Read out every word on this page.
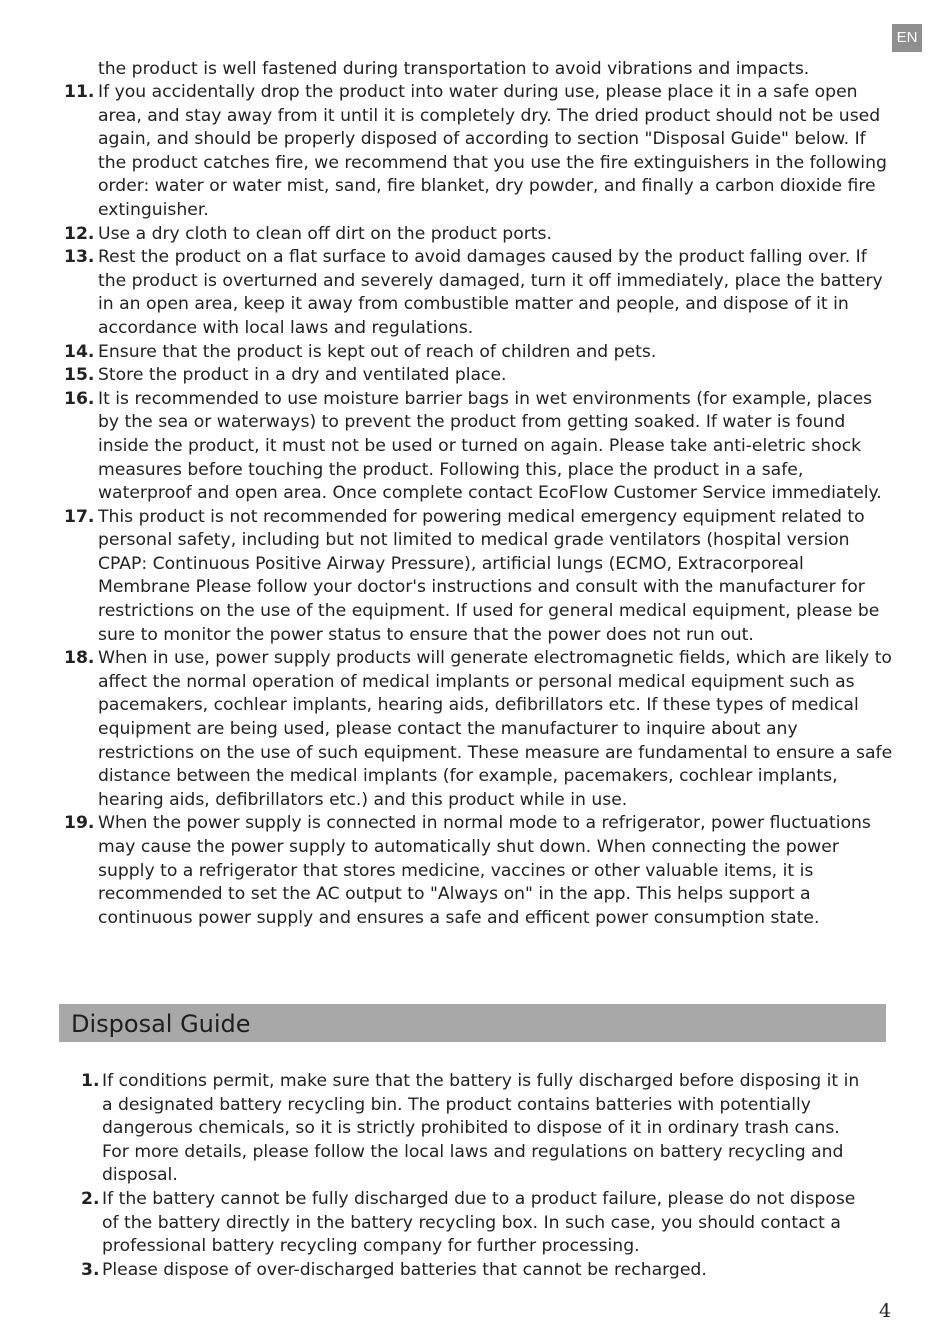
EN
the product is well fastened during transportation to avoid vibrations and impacts.
11. If you accidentally drop the product into water during use, please place it in a safe open area, and stay away from it until it is completely dry. The dried product should not be used again, and should be properly disposed of according to section "Disposal Guide" below. If the product catches fire, we recommend that you use the fire extinguishers in the following order: water or water mist, sand, fire blanket, dry powder, and finally a carbon dioxide fire extinguisher.
12. Use a dry cloth to clean off dirt on the product ports.
13. Rest the product on a flat surface to avoid damages caused by the product falling over. If the product is overturned and severely damaged, turn it off immediately, place the battery in an open area, keep it away from combustible matter and people, and dispose of it in accordance with local laws and regulations.
14. Ensure that the product is kept out of reach of children and pets.
15. Store the product in a dry and ventilated place.
16. It is recommended to use moisture barrier bags in wet environments (for example, places by the sea or waterways) to prevent the product from getting soaked. If water is found inside the product, it must not be used or turned on again. Please take anti-eletric shock measures before touching the product. Following this, place the product in a safe, waterproof and open area. Once complete contact EcoFlow Customer Service immediately.
17. This product is not recommended for powering medical emergency equipment related to personal safety, including but not limited to medical grade ventilators (hospital version CPAP: Continuous Positive Airway Pressure), artificial lungs (ECMO, Extracorporeal Membrane Please follow your doctor's instructions and consult with the manufacturer for restrictions on the use of the equipment. If used for general medical equipment, please be sure to monitor the power status to ensure that the power does not run out.
18. When in use, power supply products will generate electromagnetic fields, which are likely to affect the normal operation of medical implants or personal medical equipment such as pacemakers, cochlear implants, hearing aids, defibrillators etc. If these types of medical equipment are being used, please contact the manufacturer to inquire about any restrictions on the use of such equipment. These measure are fundamental to ensure a safe distance between the medical implants (for example, pacemakers, cochlear implants, hearing aids, defibrillators etc.) and this product while in use.
19. When the power supply is connected in normal mode to a refrigerator, power fluctuations may cause the power supply to automatically shut down. When connecting the power supply to a refrigerator that stores medicine, vaccines or other valuable items, it is recommended to set the AC output to "Always on" in the app. This helps support a continuous power supply and ensures a safe and efficent power consumption state.
Disposal Guide
1. If conditions permit, make sure that the battery is fully discharged before disposing it in a designated battery recycling bin. The product contains batteries with potentially dangerous chemicals, so it is strictly prohibited to dispose of it in ordinary trash cans. For more details, please follow the local laws and regulations on battery recycling and disposal.
2. If the battery cannot be fully discharged due to a product failure, please do not dispose of the battery directly in the battery recycling box. In such case, you should contact a professional battery recycling company for further processing.
3. Please dispose of over-discharged batteries that cannot be recharged.
4
